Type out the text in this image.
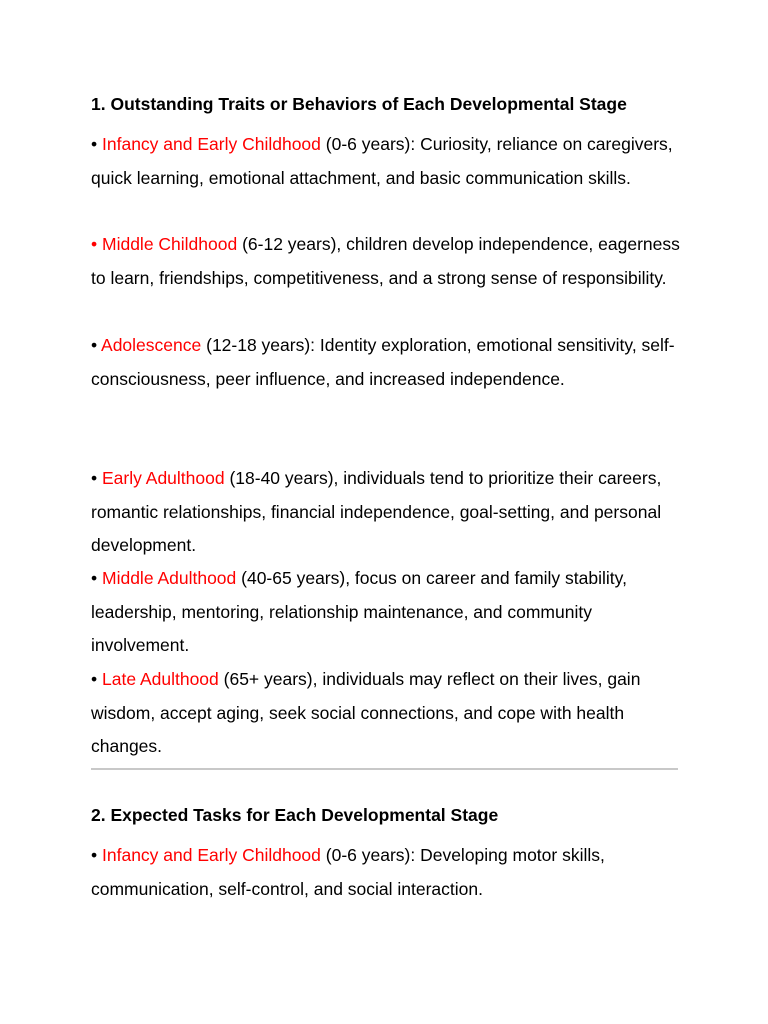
1. Outstanding Traits or Behaviors of Each Developmental Stage

• Infancy and Early Childhood (0-6 years): Curiosity, reliance on caregivers, quick learning, emotional attachment, and basic communication skills.

• Middle Childhood (6-12 years), children develop independence, eagerness to learn, friendships, competitiveness, and a strong sense of responsibility.

• Adolescence (12-18 years): Identity exploration, emotional sensitivity, self-consciousness, peer influence, and increased independence.

• Early Adulthood (18-40 years), individuals tend to prioritize their careers, romantic relationships, financial independence, goal-setting, and personal development.

• Middle Adulthood (40-65 years), focus on career and family stability, leadership, mentoring, relationship maintenance, and community involvement.

• Late Adulthood (65+ years), individuals may reflect on their lives, gain wisdom, accept aging, seek social connections, and cope with health changes.

2. Expected Tasks for Each Developmental Stage

• Infancy and Early Childhood (0-6 years): Developing motor skills, communication, self-control, and social interaction.
